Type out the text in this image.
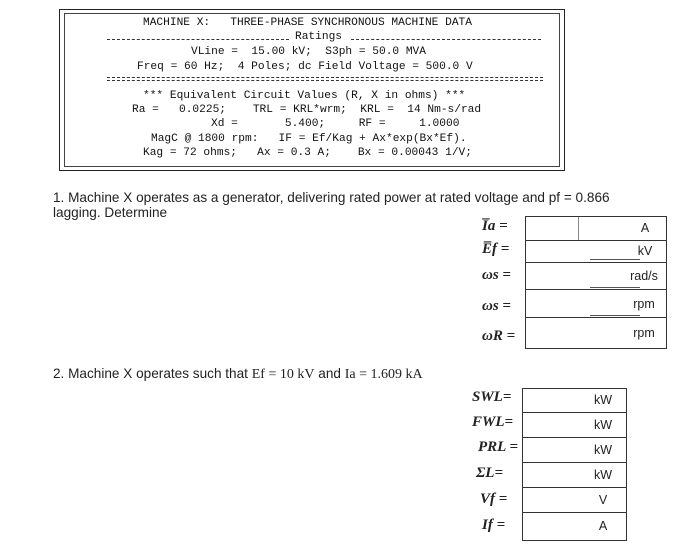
MACHINE X:   THREE-PHASE SYNCHRONOUS MACHINE DATA
Ratings
VLine =  15.00 kV;  S3ph = 50.0 MVA
Freq = 60 Hz;  4 Poles; dc Field Voltage = 500.0 V
*** Equivalent Circuit Values (R, X in ohms) ***
Ra =   0.0225;    TRL = KRL*wrm;  KRL =  14 Nm-s/rad
Xd =       5.400;     RF =     1.0000
MagC @ 1800 rpm:   IF = Ef/Kag + Ax*exp(Bx*Ef).
Kag = 72 ohms;   Ax = 0.3 A;    Bx = 0.00043 1/V;
1. Machine X operates as a generator, delivering rated power at rated voltage and pf = 0.866
lagging. Determine
I̅a =	A
E̅f =	kV
ωs =	rad/s
ωs =	rpm
ωR =	rpm
2. Machine X operates such that Ef = 10 kV and Ia = 1.609 kA
SWL=	kW
FWL=	kW
PRL =	kW
ΣL=	kW
Vf =	V
If =	A
